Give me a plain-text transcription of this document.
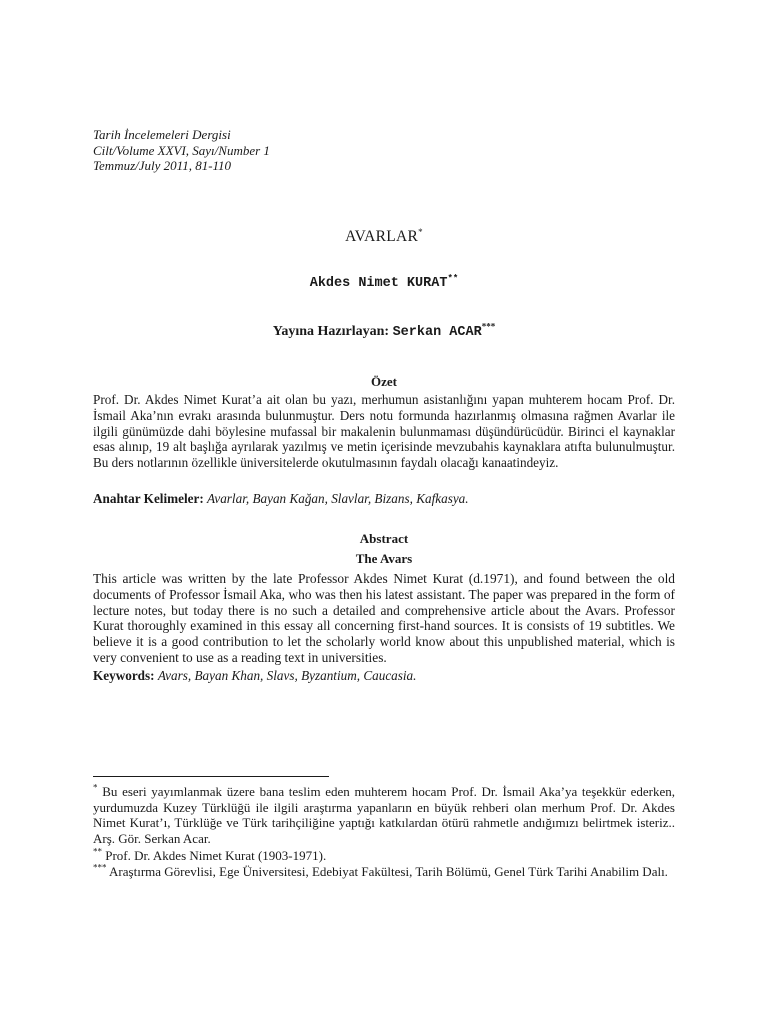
Tarih İncelemeleri Dergisi
Cilt/Volume XXVI, Sayı/Number 1
Temmuz/July 2011, 81-110
AVARLAR*
Akdes Nimet KURAT**
Yayına Hazırlayan: Serkan ACAR***
Özet
Prof. Dr. Akdes Nimet Kurat’a ait olan bu yazı, merhumun asistanlığını yapan muhterem hocam Prof. Dr. İsmail Aka’nın evrakı arasında bulunmuştur. Ders notu formunda hazırlanmış olmasına rağmen Avarlar ile ilgili günümüzde dahi böylesine mufassal bir makalenin bulunmaması düşündürücüdür. Birinci el kaynaklar esas alınıp, 19 alt başlığa ayrılarak yazılmış ve metin içerisinde mevzubahis kaynaklara atıfta bulunulmuştur. Bu ders notlarının özellikle üniversitelerde okutulmasının faydalı olacağı kanaatindeyiz.
Anahtar Kelimeler: Avarlar, Bayan Kağan, Slavlar, Bizans, Kafkasya.
Abstract
The Avars
This article was written by the late Professor Akdes Nimet Kurat (d.1971), and found between the old documents of Professor İsmail Aka, who was then his latest assistant. The paper was prepared in the form of lecture notes, but today there is no such a detailed and comprehensive article about the Avars. Professor Kurat thoroughly examined in this essay all concerning first-hand sources. It is consists of 19 subtitles. We believe it is a good contribution to let the scholarly world know about this unpublished material, which is very convenient to use as a reading text in universities.
Keywords: Avars, Bayan Khan, Slavs, Byzantium, Caucasia.
* Bu eseri yayımlanmak üzere bana teslim eden muhterem hocam Prof. Dr. İsmail Aka’ya teşekkür ederken, yurdumuzda Kuzey Türklüğü ile ilgili araştırma yapanların en büyük rehberi olan merhum Prof. Dr. Akdes Nimet Kurat’ı, Türklüğe ve Türk tarihçiliğine yaptığı katkılardan ötürü rahmetle andığımızı belirtmek isteriz.. Arş. Gör. Serkan Acar.
** Prof. Dr. Akdes Nimet Kurat (1903-1971).
*** Araştırma Görevlisi, Ege Üniversitesi, Edebiyat Fakültesi, Tarih Bölümü, Genel Türk Tarihi Anabilim Dalı.
